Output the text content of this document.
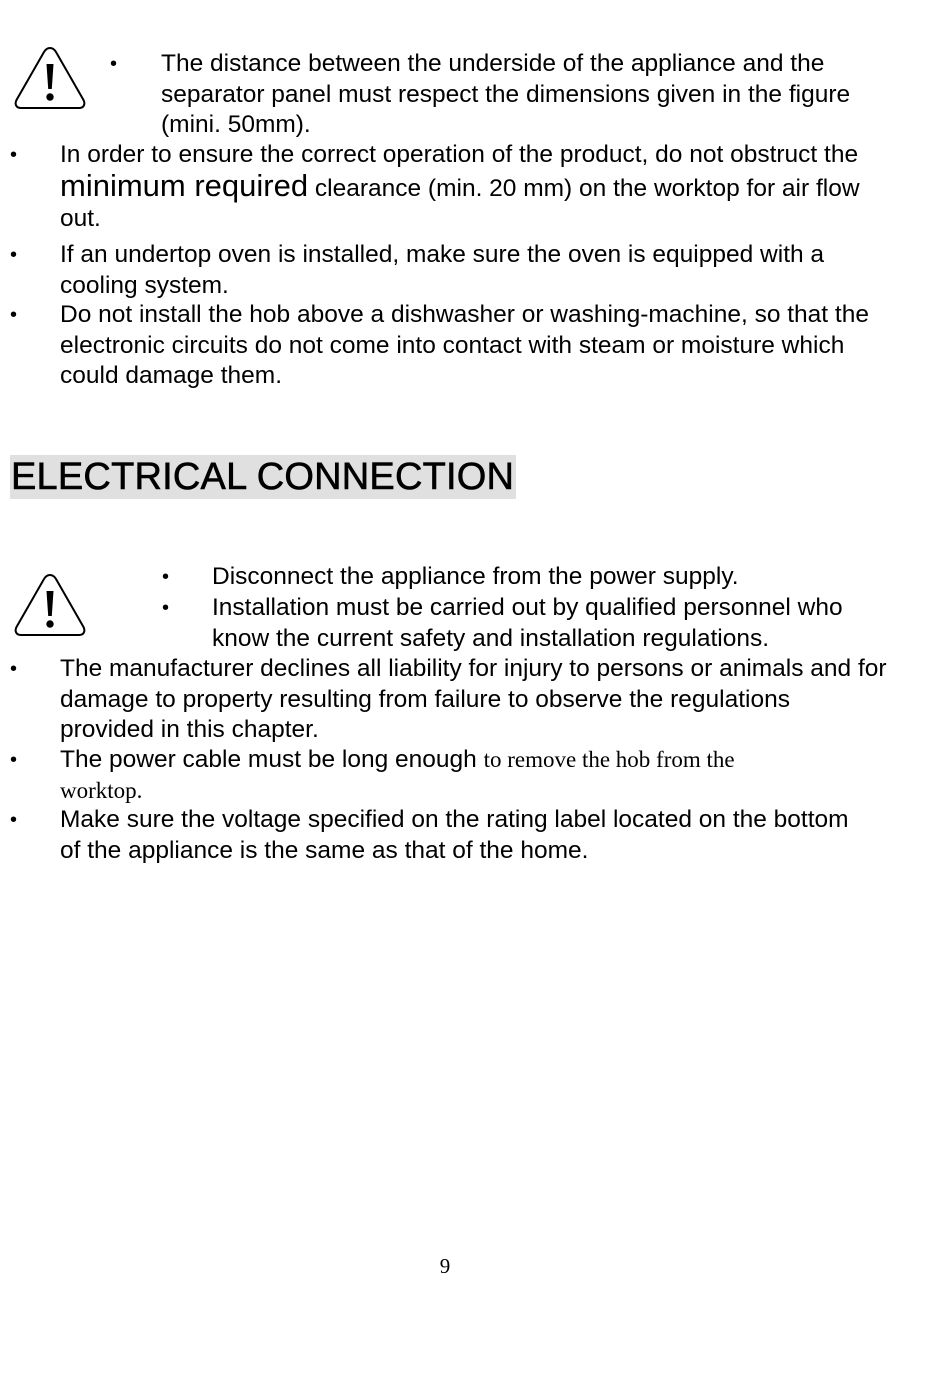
• The distance between the underside of the appliance and the separator panel must respect the dimensions given in the figure (mini. 50mm).
• In order to ensure the correct operation of the product, do not obstruct the minimum required clearance (min. 20 mm) on the worktop for air flow out.
• If an undertop oven is installed, make sure the oven is equipped with a cooling system.
• Do not install the hob above a dishwasher or washing-machine, so that the electronic circuits do not come into contact with steam or moisture which could damage them.
ELECTRICAL CONNECTION
• Disconnect the appliance from the power supply.
• Installation must be carried out by qualified personnel who know the current safety and installation regulations.
• The manufacturer declines all liability for injury to persons or animals and for damage to property resulting from failure to observe the regulations provided in this chapter.
• The power cable must be long enough to remove the hob from the worktop.
• Make sure the voltage specified on the rating label located on the bottom of the appliance is the same as that of the home.
9
